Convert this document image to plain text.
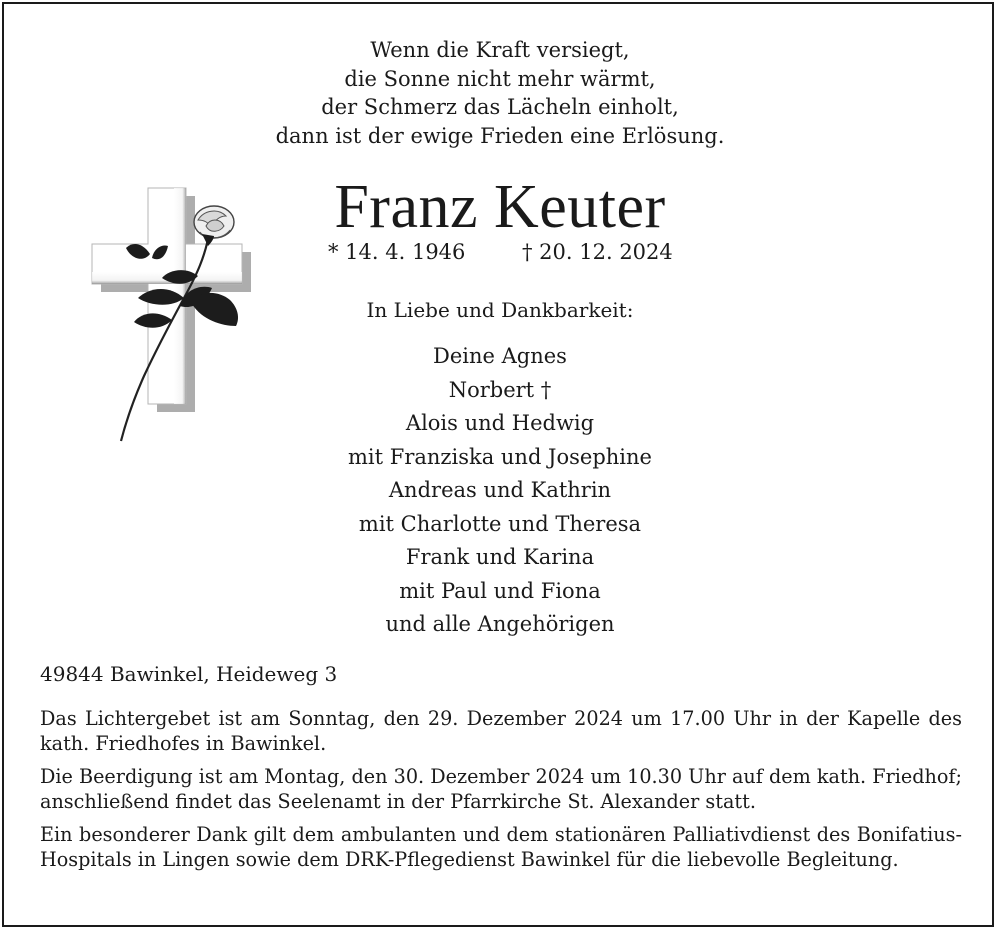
Wenn die Kraft versiegt,
die Sonne nicht mehr wärmt,
der Schmerz das Lächeln einholt,
dann ist der ewige Frieden eine Erlösung.
Franz Keuter
* 14. 4. 1946	† 20. 12. 2024
In Liebe und Dankbarkeit:
Deine Agnes
Norbert †
Alois und Hedwig
mit Franziska und Josephine
Andreas und Kathrin
mit Charlotte und Theresa
Frank und Karina
mit Paul und Fiona
und alle Angehörigen
49844 Bawinkel, Heideweg 3

Das Lichtergebet ist am Sonntag, den 29. Dezember 2024 um 17.00 Uhr in der Kapelle des kath. Friedhofes in Bawinkel.

Die Beerdigung ist am Montag, den 30. Dezember 2024 um 10.30 Uhr auf dem kath. Friedhof; anschließend findet das Seelenamt in der Pfarrkirche St. Alexander statt.

Ein besonderer Dank gilt dem ambulanten und dem stationären Palliativdienst des Bonifatius-Hospitals in Lingen sowie dem DRK-Pflegedienst Bawinkel für die liebevolle Begleitung.
